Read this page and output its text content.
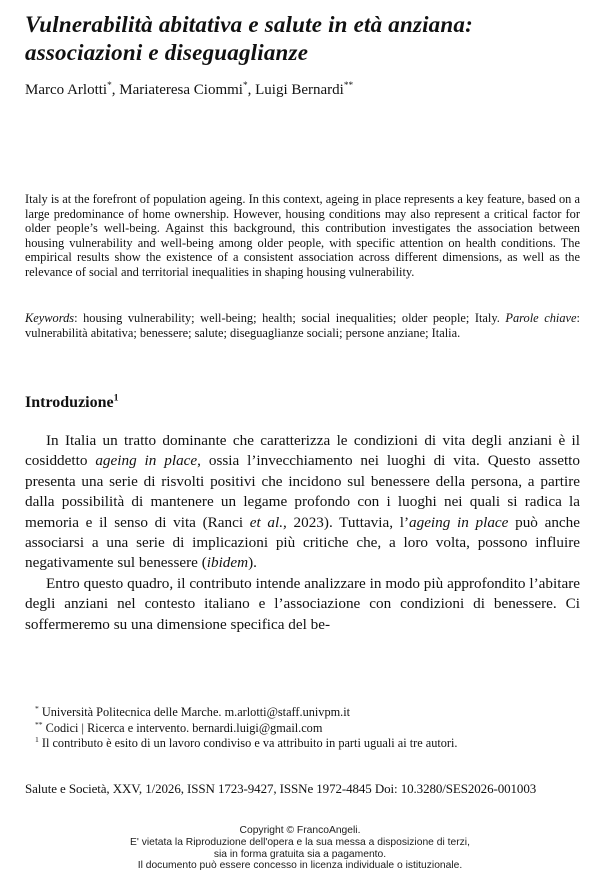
Vulnerabilità abitativa e salute in età anziana:
associazioni e diseguaglianze
Marco Arlotti*, Mariateresa Ciommi*, Luigi Bernardi**
Italy is at the forefront of population ageing. In this context, ageing in place represents a key feature, based on a large predominance of home ownership. However, housing conditions may also represent a critical factor for older people’s well-being. Against this background, this contribution investigates the association between housing vulnerability and well-being among older people, with specific attention on health conditions. The empirical results show the existence of a consistent association across different dimensions, as well as the relevance of social and territorial inequalities in shaping housing vulnerability.
Keywords: housing vulnerability; well-being; health; social inequalities; older people; Italy. Parole chiave: vulnerabilità abitativa; benessere; salute; diseguaglianze sociali; persone anziane; Italia.
Introduzione$^1$

In Italia un tratto dominante che caratterizza le condizioni di vita degli anziani è il cosiddetto ageing in place, ossia l’invecchiamento nei luoghi di vita. Questo assetto presenta una serie di risvolti positivi che incidono sul benessere della persona, a partire dalla possibilità di mantenere un legame profondo con i luoghi nei quali si radica la memoria e il senso di vita (Ranci et al., 2023). Tuttavia, l’ageing in place può anche associarsi a una serie di implicazioni più critiche che, a loro volta, possono influire negativamente sul benessere (ibidem).

Entro questo quadro, il contributo intende analizzare in modo più approfondito l’abitare degli anziani nel contesto italiano e l’associazione con condizioni di benessere. Ci soffermeremo su una dimensione specifica del be-

* Università Politecnica delle Marche. m.arlotti@staff.univpm.it
** Codici | Ricerca e intervento. bernardi.luigi@gmail.com
$^1$ Il contributo è esito di un lavoro condiviso e va attribuito in parti uguali ai tre autori.
Salute e Società, XXV, 1/2026, ISSN 1723-9427, ISSNe 1972-4845 Doi: 10.3280/SES2026-001003
Copyright © FrancoAngeli.
E' vietata la Riproduzione dell'opera e la sua messa a disposizione di terzi,
sia in forma gratuita sia a pagamento.
Il documento può essere concesso in licenza individuale o istituzionale.
